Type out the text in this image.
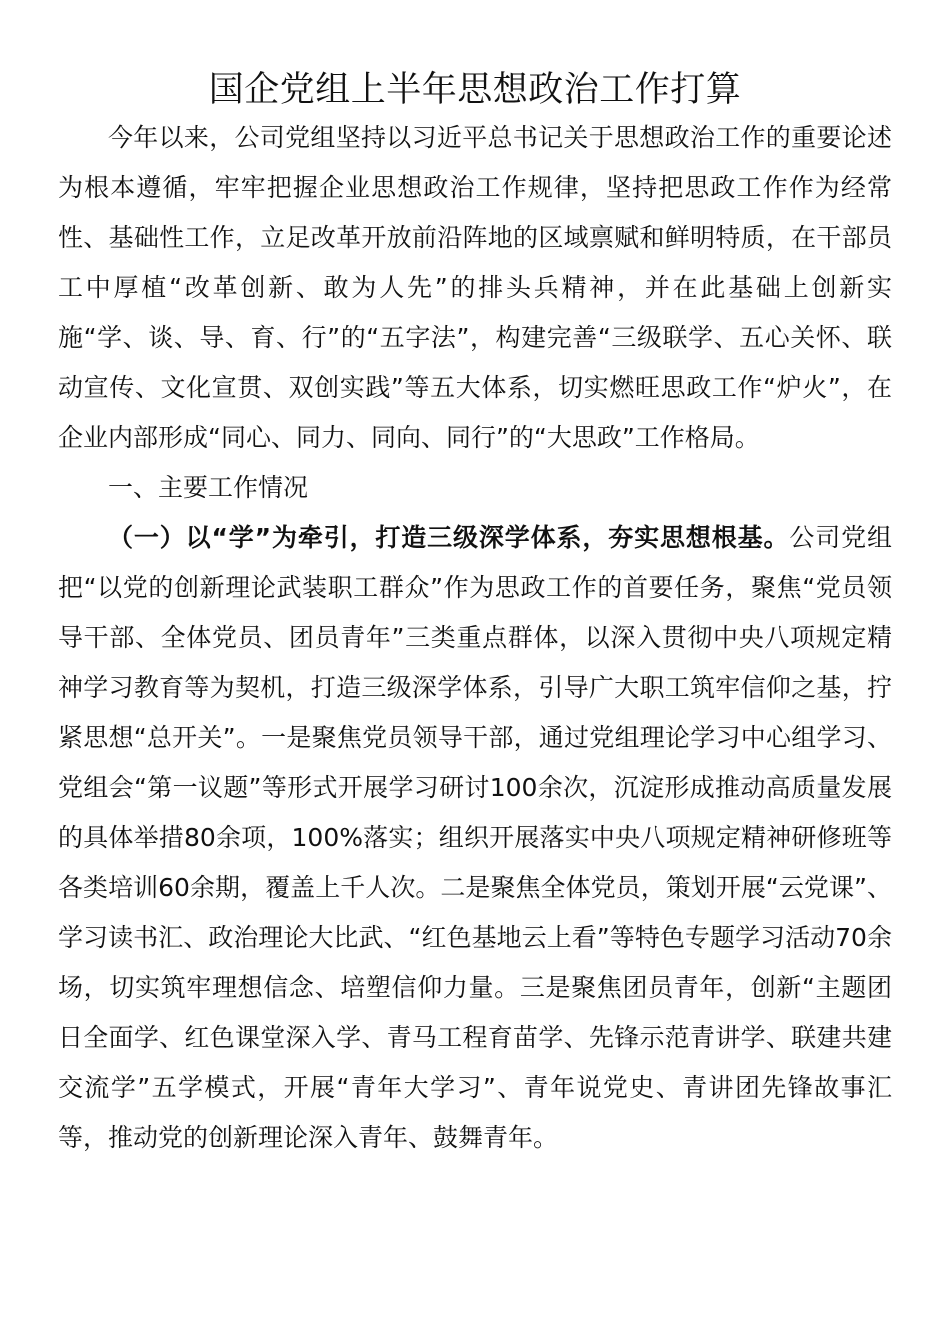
国企党组上半年思想政治工作打算

今年以来，公司党组坚持以习近平总书记关于思想政治工作的重要论述为根本遵循，牢牢把握企业思想政治工作规律，坚持把思政工作作为经常性、基础性工作，立足改革开放前沿阵地的区域禀赋和鲜明特质，在干部员工中厚植“改革创新、敢为人先”的排头兵精神，并在此基础上创新实施“学、谈、导、育、行”的“五字法”，构建完善“三级联学、五心关怀、联动宣传、文化宣贯、双创实践”等五大体系，切实燃旺思政工作“炉火”，在企业内部形成“同心、同力、同向、同行”的“大思政”工作格局。

一、主要工作情况

（一）以“学”为牵引，打造三级深学体系，夯实思想根基。公司党组把“以党的创新理论武装职工群众”作为思政工作的首要任务，聚焦“党员领导干部、全体党员、团员青年”三类重点群体，以深入贯彻中央八项规定精神学习教育等为契机，打造三级深学体系，引导广大职工筑牢信仰之基，拧紧思想“总开关”。一是聚焦党员领导干部，通过党组理论学习中心组学习、党组会“第一议题”等形式开展学习研讨100余次，沉淀形成推动高质量发展的具体举措80余项，100%落实；组织开展落实中央八项规定精神研修班等各类培训60余期，覆盖上千人次。二是聚焦全体党员，策划开展“云党课”、学习读书汇、政治理论大比武、“红色基地云上看”等特色专题学习活动70余场，切实筑牢理想信念、培塑信仰力量。三是聚焦团员青年，创新“主题团日全面学、红色课堂深入学、青马工程育苗学、先锋示范青讲学、联建共建交流学”五学模式，开展“青年大学习”、青年说党史、青讲团先锋故事汇等，推动党的创新理论深入青年、鼓舞青年。
